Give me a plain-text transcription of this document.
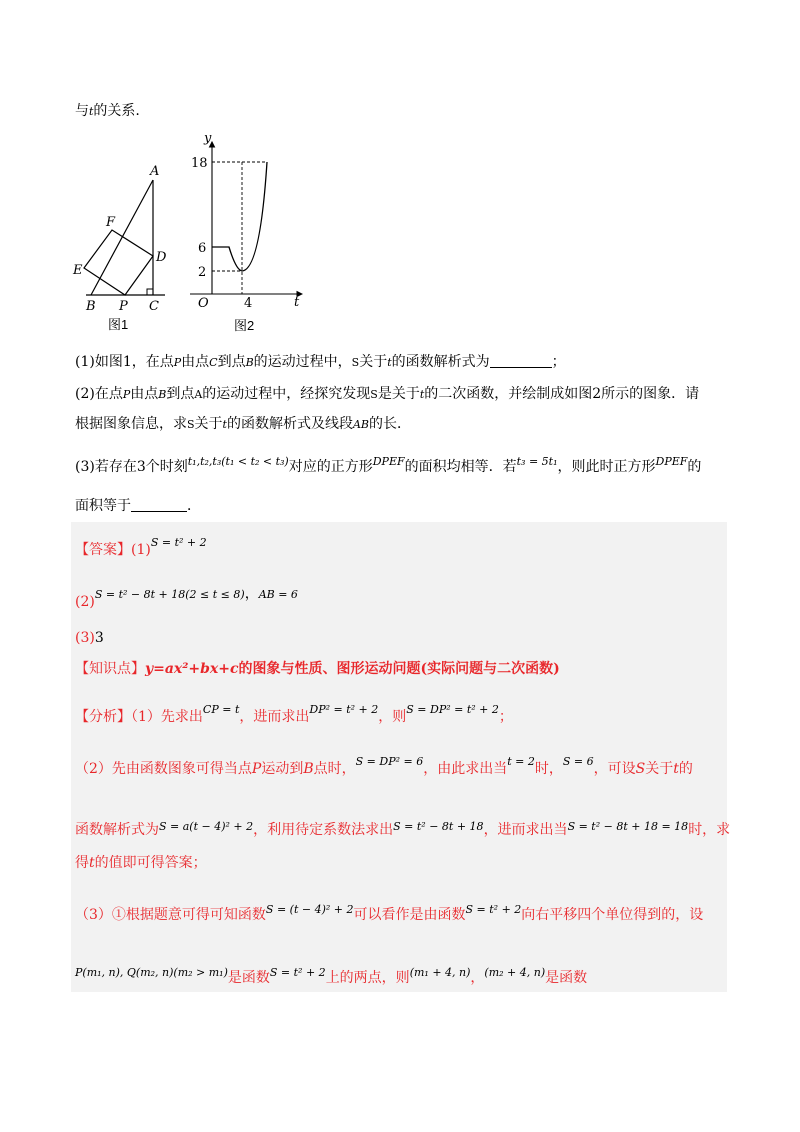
与t的关系.
A
F
D
E
B P C
图1
y
18
6
2
O	4	t
图2
(1)如图1，在点P由点C到点B的运动过程中，S关于t的函数解析式为	；
(2)在点P由点B到点A的运动过程中，经探究发现S是关于t的二次函数，并绘制成如图2所示的图象．请
根据图象信息，求S关于t的函数解析式及线段AB的长．
(3)若存在3个时刻$^{t_1,t_2,t_3(t_1 < t_2 < t_3)}$对应的正方形$^{DPEF}$的面积均相等．若$^{t_3 = 5t_1}$，则此时正方形$^{DPEF}$的
面积等于	．
【答案】$(1)^{S = t^2 + 2}$
(2)S = t² − 8t + 18(2 ≤ t ≤ 8)，AB = 6
(3)3
【知识点】y=ax²+bx+c的图象与性质、图形运动问题(实际问题与二次函数)
【分析】（1）先求出$^{CP = t}$，进而求出$^{DP^2 = t^2 + 2}$，则$^{S = DP^2 = t^2 + 2}$；
（2）先由函数图象可得当点P运动到B点时，$^{S = DP^2 = 6}$，由此求出当$^{t = 2}$时，$^{S = 6}$，可设S关于t的
函数解析式为$^{S = a(t - 4)^2 + 2}$，利用待定系数法求出$^{S = t^2 - 8t + 18}$，进而求出当$^{S = t^2 - 8t + 18 = 18}$时，求
得t的值即可得答案；
（3）①根据题意可得可知函数$^{S = (t - 4)^2 + 2}$可以看作是由函数$^{S = t^2 + 2}$向右平移四个单位得到的，设
$^{P(m_1, n), Q(m_2, n)(m_2 > m_1)}$是函数$^{S = t^2 + 2}$上的两点，则$^{(m_1 + 4, n)}$，$^{(m_2 + 4, n)}$是函数
